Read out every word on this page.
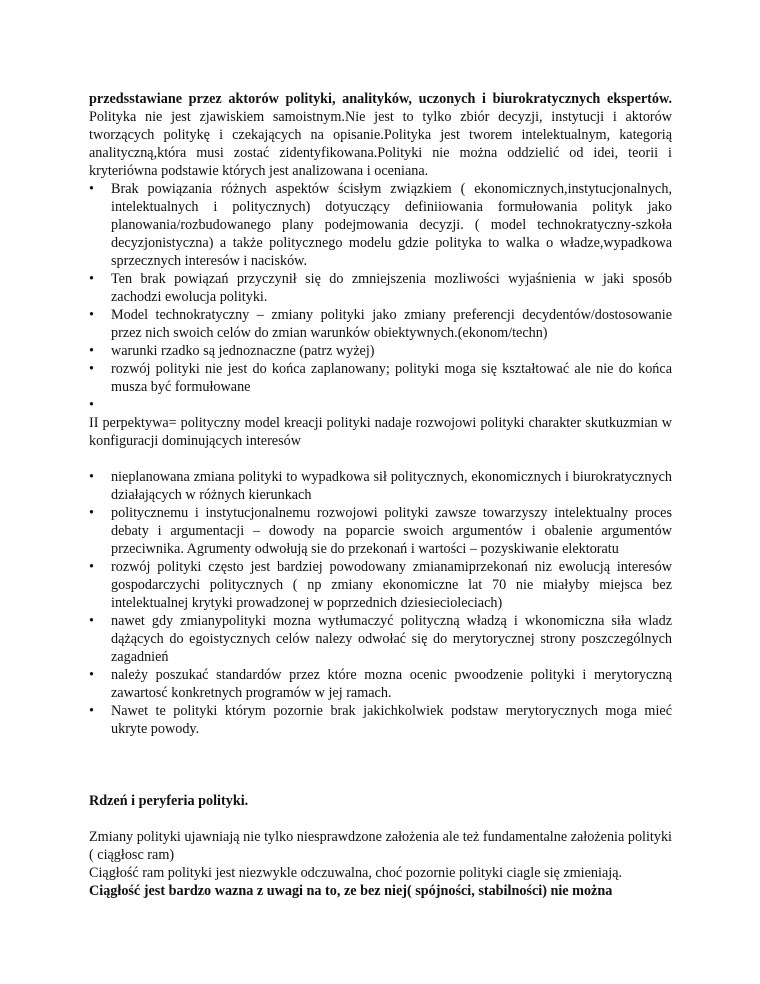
przedsstawiane przez aktorów polityki, analityków, uczonych i biurokratycznych ekspertów. Polityka nie jest zjawiskiem samoistnym.Nie jest to tylko zbiór decyzji, instytucji i aktorów tworzących politykę i czekających na opisanie.Polityka jest tworem intelektualnym, kategorią analityczną,która musi zostać zidentyfikowana.Polityki nie można oddzielić od idei, teorii i kryteriówna podstawie których jest analizowana i oceniana.

• Brak powiązania różnych aspektów ścisłym związkiem ( ekonomicznych,instytucjonalnych, intelektualnych i politycznych) dotyuczący definiiowania formułowania polityk jako planowania/rozbudowanego plany podejmowania decyzji. ( model technokratyczny-szkoła decyzjonistyczna) a także politycznego modelu gdzie polityka to walka o władze,wypadkowa sprzecznych interesów i nacisków.
• Ten brak powiązań przyczynił się do zmniejszenia mozliwości wyjaśnienia w jaki sposób zachodzi ewolucja polityki.
• Model technokratyczny – zmiany polityki jako zmiany preferencji decydentów/dostosowanie przez nich swoich celów do zmian warunków obiektywnych.(ekonom/techn)
• warunki rzadko są jednoznaczne (patrz wyżej)
• rozwój polityki nie jest do końca zaplanowany; polityki moga się kształtować ale nie do końca musza być formułowane
•

II perpektywa= polityczny model kreacji polityki nadaje rozwojowi polityki charakter skutkuzmian w konfiguracji dominujących interesów

• nieplanowana zmiana polityki to wypadkowa sił politycznych, ekonomicznych i biurokratycznych działających w różnych kierunkach
• politycznemu i instytucjonalnemu rozwojowi polityki zawsze towarzyszy intelektualny proces debaty i argumentacji – dowody na poparcie swoich argumentów i obalenie argumentów przeciwnika. Agrumenty odwołują sie do przekonań i wartości – pozyskiwanie elektoratu
• rozwój polityki często jest bardziej powodowany zmianamiprzekonań niz ewolucją interesów gospodarczychi politycznych ( np zmiany ekonomiczne lat 70 nie miałyby miejsca bez intelektualnej krytyki prowadzonej w poprzednich dziesiecioleciach)
• nawet gdy zmianypolityki mozna wytłumaczyć polityczną władzą i wkonomiczna siła wladz dążących do egoistycznych celów nalezy odwołać się do merytorycznej strony poszczególnych zagadnień
• należy poszukać standardów przez które mozna ocenic pwoodzenie polityki i merytoryczną zawartosć konkretnych programów w jej ramach.
• Nawet te polityki którym pozornie brak jakichkolwiek podstaw merytorycznych moga mieć ukryte powody.

Rdzeń i peryferia polityki.

Zmiany polityki ujawniają nie tylko niesprawdzone założenia ale też fundamentalne założenia polityki ( ciągłosc ram)

Ciągłość ram polityki jest niezwykle odczuwalna, choć pozornie polityki ciagle się zmieniają.

Ciągłość jest bardzo wazna z uwagi na to, ze bez niej( spójności, stabilności) nie można
